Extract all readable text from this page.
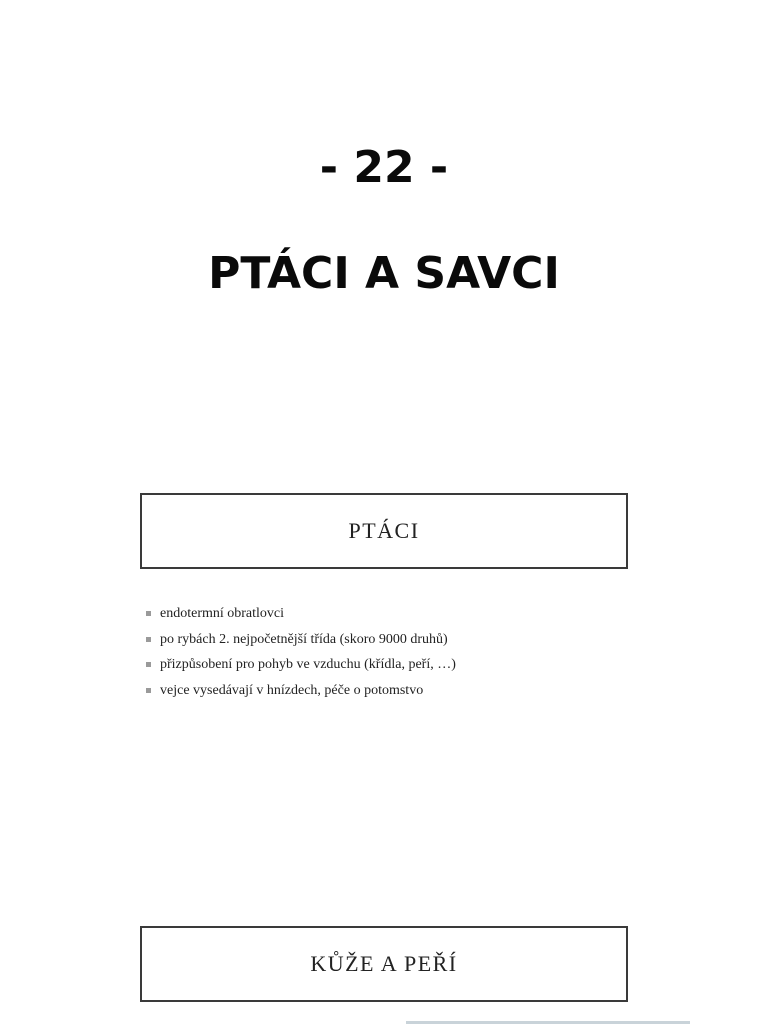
- 22 -
PTÁCI A SAVCI
PTÁCI
endotermní obratlovci
po rybách 2. nejpočetnější třída (skoro 9000 druhů)
přizpůsobení pro pohyb ve vzduchu (křídla, peří, …)
vejce vysedávají v hnízdech, péče o potomstvo
KŮŽE A PEŘÍ
